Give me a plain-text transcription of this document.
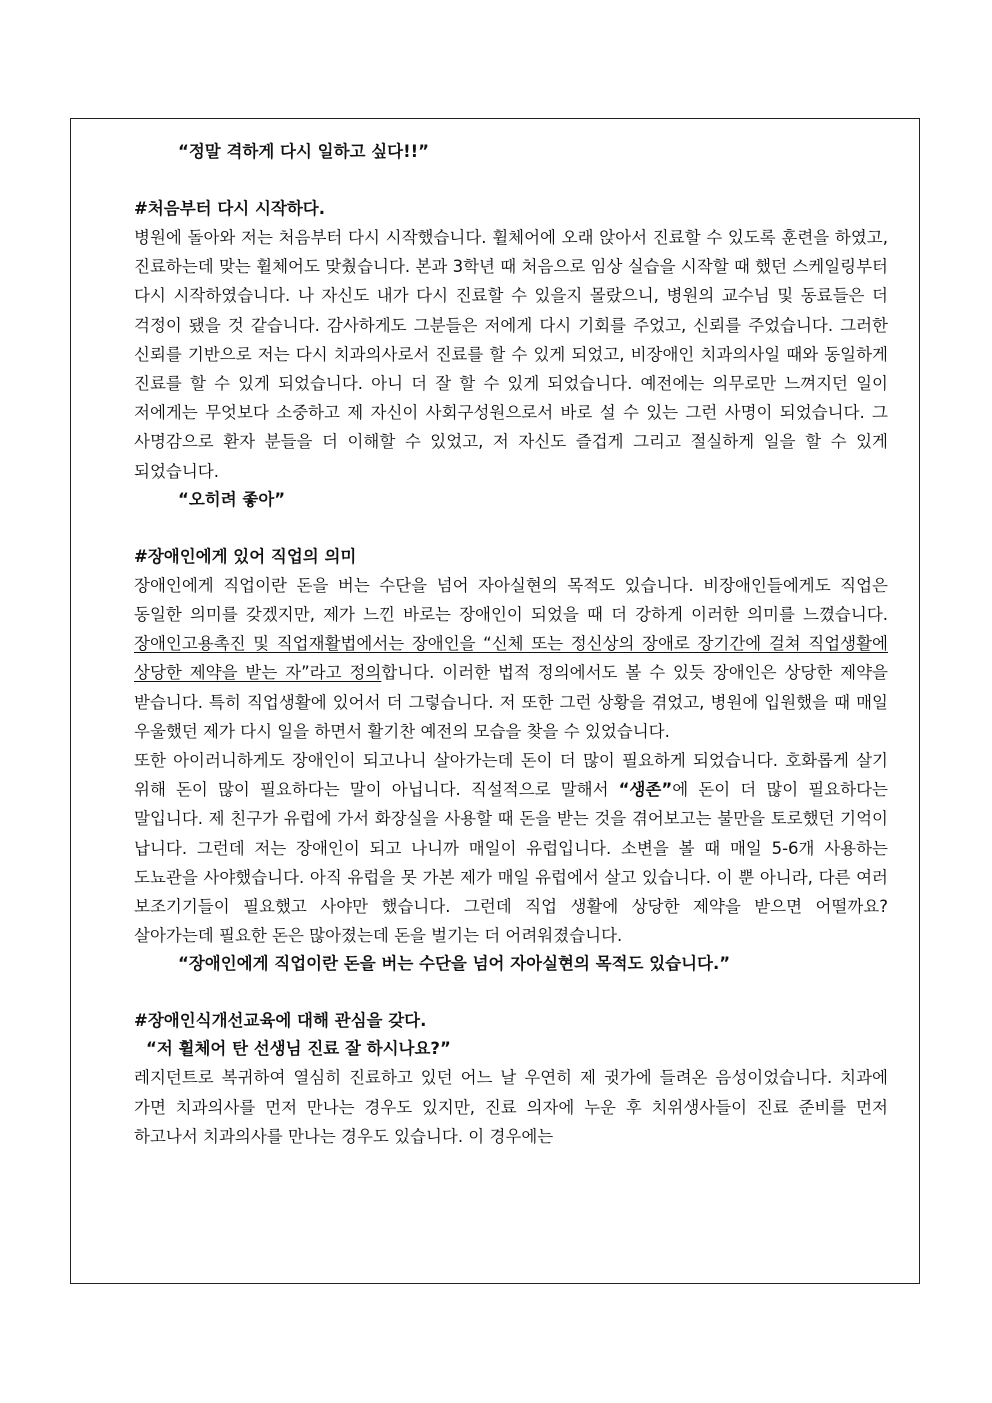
“정말 격하게 다시 일하고 싶다!!”
#처음부터 다시 시작하다.
병원에 돌아와 저는 처음부터 다시 시작했습니다. 휠체어에 오래 앉아서 진료할 수 있도록 훈련을 하였고, 진료하는데 맞는 휠체어도 맞췄습니다. 본과 3학년 때 처음으로 임상 실습을 시작할 때 했던 스케일링부터 다시 시작하였습니다. 나 자신도 내가 다시 진료할 수 있을지 몰랐으니, 병원의 교수님 및 동료들은 더 걱정이 됐을 것 같습니다. 감사하게도 그분들은 저에게 다시 기회를 주었고, 신뢰를 주었습니다. 그러한 신뢰를 기반으로 저는 다시 치과의사로서 진료를 할 수 있게 되었고, 비장애인 치과의사일 때와 동일하게 진료를 할 수 있게 되었습니다. 아니 더 잘 할 수 있게 되었습니다. 예전에는 의무로만 느껴지던 일이 저에게는 무엇보다 소중하고 제 자신이 사회구성원으로서 바로 설 수 있는 그런 사명이 되었습니다. 그 사명감으로 환자 분들을 더 이해할 수 있었고, 저 자신도 즐겁게 그리고 절실하게 일을 할 수 있게 되었습니다.
“오히려 좋아”
#장애인에게 있어 직업의 의미
장애인에게 직업이란 돈을 버는 수단을 넘어 자아실현의 목적도 있습니다. 비장애인들에게도 직업은 동일한 의미를 갖겠지만, 제가 느낀 바로는 장애인이 되었을 때 더 강하게 이러한 의미를 느꼈습니다. 장애인고용촉진 및 직업재활법에서는 장애인을 “신체 또는 정신상의 장애로 장기간에 걸쳐 직업생활에 상당한 제약을 받는 자”라고 정의합니다. 이러한 법적 정의에서도 볼 수 있듯 장애인은 상당한 제약을 받습니다. 특히 직업생활에 있어서 더 그렇습니다. 저 또한 그런 상황을 겪었고, 병원에 입원했을 때 매일 우울했던 제가 다시 일을 하면서 활기찬 예전의 모습을 찾을 수 있었습니다.
또한 아이러니하게도 장애인이 되고나니 살아가는데 돈이 더 많이 필요하게 되었습니다. 호화롭게 살기 위해 돈이 많이 필요하다는 말이 아닙니다. 직설적으로 말해서 “생존”에 돈이 더 많이 필요하다는 말입니다. 제 친구가 유럽에 가서 화장실을 사용할 때 돈을 받는 것을 겪어보고는 불만을 토로했던 기억이 납니다. 그런데 저는 장애인이 되고 나니까 매일이 유럽입니다. 소변을 볼 때 매일 5-6개 사용하는 도뇨관을 사야했습니다. 아직 유럽을 못 가본 제가 매일 유럽에서 살고 있습니다. 이 뿐 아니라, 다른 여러 보조기기들이 필요했고 사야만 했습니다. 그런데 직업 생활에 상당한 제약을 받으면 어떨까요? 살아가는데 필요한 돈은 많아졌는데 돈을 벌기는 더 어려워졌습니다.
“장애인에게 직업이란 돈을 버는 수단을 넘어 자아실현의 목적도 있습니다.”
#장애인식개선교육에 대해 관심을 갖다.
“저 휠체어 탄 선생님 진료 잘 하시나요?”
레지던트로 복귀하여 열심히 진료하고 있던 어느 날 우연히 제 귓가에 들려온 음성이었습니다. 치과에 가면 치과의사를 먼저 만나는 경우도 있지만, 진료 의자에 누운 후 치위생사들이 진료 준비를 먼저 하고나서 치과의사를 만나는 경우도 있습니다. 이 경우에는
